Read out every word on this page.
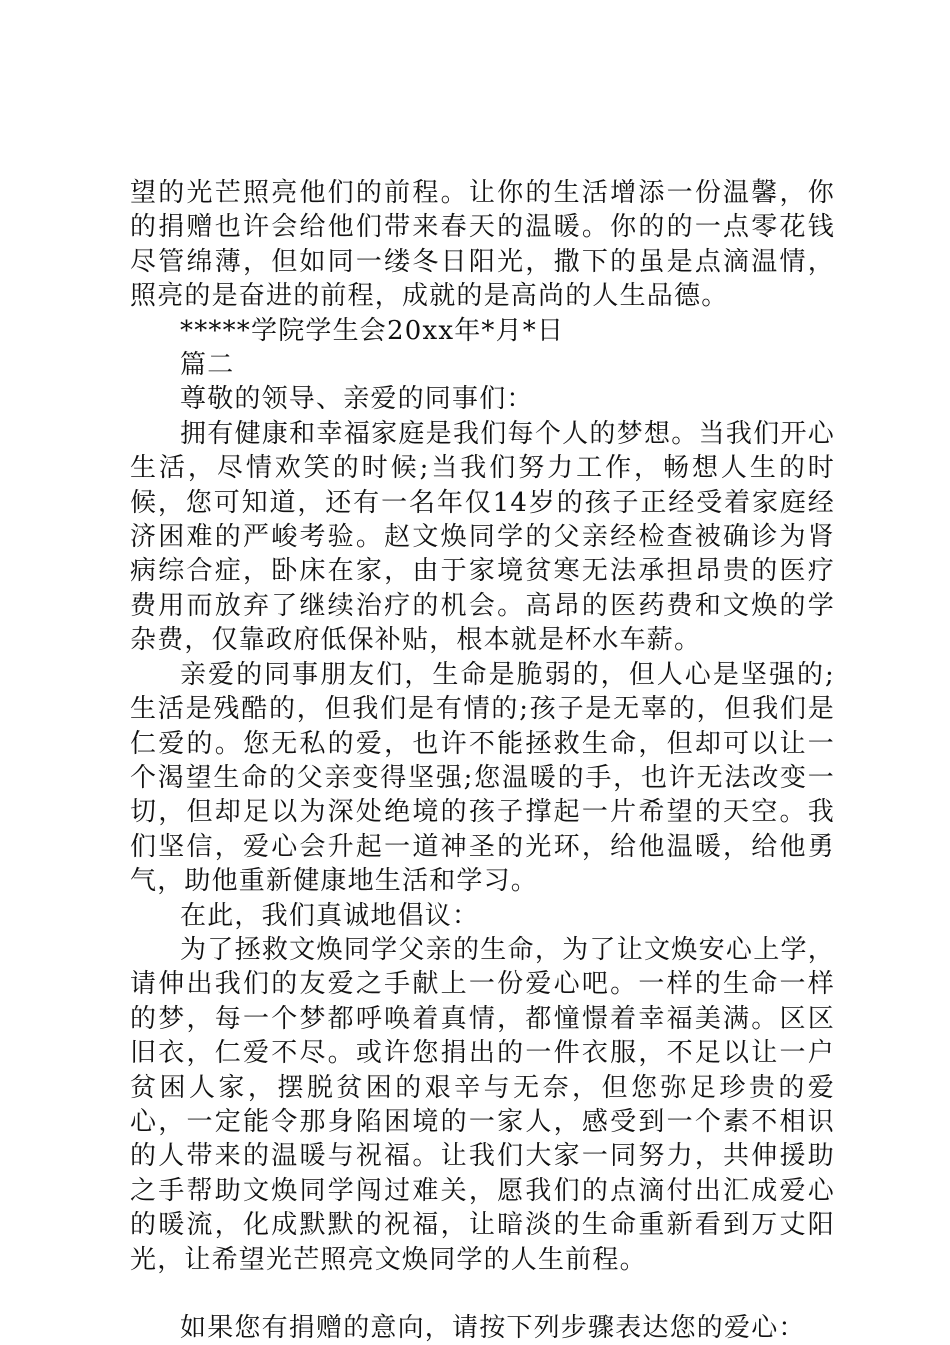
望的光芒照亮他们的前程。让你的生活增添一份温馨，你的捐赠也许会给他们带来春天的温暖。你的的一点零花钱尽管绵薄，但如同一缕冬日阳光，撒下的虽是点滴温情，照亮的是奋进的前程，成就的是高尚的人生品德。

*****学院学生会20xx年*月*日

篇二

尊敬的领导、亲爱的同事们：

拥有健康和幸福家庭是我们每个人的梦想。当我们开心生活，尽情欢笑的时候;当我们努力工作，畅想人生的时候，您可知道，还有一名年仅14岁的孩子正经受着家庭经济困难的严峻考验。赵文焕同学的父亲经检查被确诊为肾病综合症，卧床在家，由于家境贫寒无法承担昂贵的医疗费用而放弃了继续治疗的机会。高昂的医药费和文焕的学杂费，仅靠政府低保补贴，根本就是杯水车薪。

亲爱的同事朋友们，生命是脆弱的，但人心是坚强的;生活是残酷的，但我们是有情的;孩子是无辜的，但我们是仁爱的。您无私的爱，也许不能拯救生命，但却可以让一个渴望生命的父亲变得坚强;您温暖的手，也许无法改变一切，但却足以为深处绝境的孩子撑起一片希望的天空。我们坚信，爱心会升起一道神圣的光环，给他温暖，给他勇气，助他重新健康地生活和学习。

在此，我们真诚地倡议：

为了拯救文焕同学父亲的生命，为了让文焕安心上学，请伸出我们的友爱之手献上一份爱心吧。一样的生命一样的梦，每一个梦都呼唤着真情，都憧憬着幸福美满。区区旧衣，仁爱不尽。或许您捐出的一件衣服，不足以让一户贫困人家，摆脱贫困的艰辛与无奈，但您弥足珍贵的爱心，一定能令那身陷困境的一家人，感受到一个素不相识的人带来的温暖与祝福。让我们大家一同努力，共伸援助之手帮助文焕同学闯过难关，愿我们的点滴付出汇成爱心的暖流，化成默默的祝福，让暗淡的生命重新看到万丈阳光，让希望光芒照亮文焕同学的人生前程。

如果您有捐赠的意向，请按下列步骤表达您的爱心：
